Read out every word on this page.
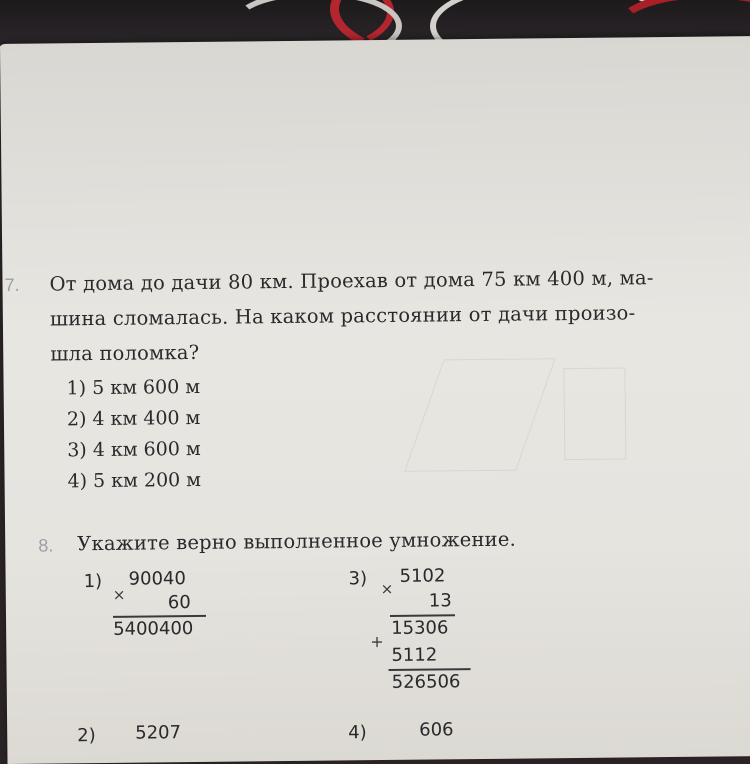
7. От дома до дачи 80 км. Проехав от дома 75 км 400 м, ма-
шина сломалась. На каком расстоянии от дачи произо-
шла поломка?
1) 5 км 600 м
2) 4 км 400 м
3) 4 км 600 м
4) 5 км 200 м
8. Укажите верно выполненное умножение.
1) 90040
× 60
5400400
3) 5102
×
13
15306
+
5112
526506
2) 5207	4)	606
